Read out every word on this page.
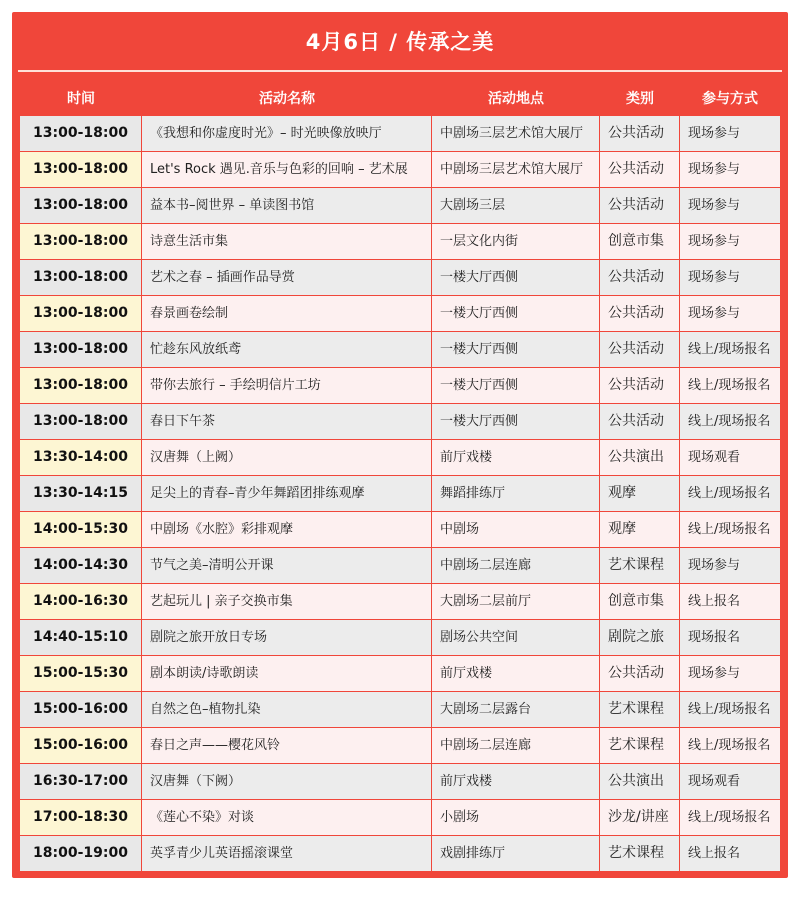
4月6日 / 传承之美
时间	活动名称	活动地点	类别	参与方式
13:00-18:00	《我想和你虚度时光》– 时光映像放映厅	中剧场三层艺术馆大展厅	公共活动	现场参与
13:00-18:00	Let's Rock 遇见.音乐与色彩的回响 – 艺术展	中剧场三层艺术馆大展厅	公共活动	现场参与
13:00-18:00	益本书–阅世界 – 单读图书馆	大剧场三层	公共活动	现场参与
13:00-18:00	诗意生活市集	一层文化内街	创意市集	现场参与
13:00-18:00	艺术之春 – 插画作品导赏	一楼大厅西侧	公共活动	现场参与
13:00-18:00	春景画卷绘制	一楼大厅西侧	公共活动	现场参与
13:00-18:00	忙趁东风放纸鸢	一楼大厅西侧	公共活动	线上/现场报名
13:00-18:00	带你去旅行 – 手绘明信片工坊	一楼大厅西侧	公共活动	线上/现场报名
13:00-18:00	春日下午茶	一楼大厅西侧	公共活动	线上/现场报名
13:30-14:00	汉唐舞（上阙）	前厅戏楼	公共演出	现场观看
13:30-14:15	足尖上的青春–青少年舞蹈团排练观摩	舞蹈排练厅	观摩	线上/现场报名
14:00-15:30	中剧场《水腔》彩排观摩	中剧场	观摩	线上/现场报名
14:00-14:30	节气之美–清明公开课	中剧场二层连廊	艺术课程	现场参与
14:00-16:30	艺起玩儿 | 亲子交换市集	大剧场二层前厅	创意市集	线上报名
14:40-15:10	剧院之旅开放日专场	剧场公共空间	剧院之旅	现场报名
15:00-15:30	剧本朗读/诗歌朗读	前厅戏楼	公共活动	现场参与
15:00-16:00	自然之色–植物扎染	大剧场二层露台	艺术课程	线上/现场报名
15:00-16:00	春日之声——樱花风铃	中剧场二层连廊	艺术课程	线上/现场报名
16:30-17:00	汉唐舞（下阙）	前厅戏楼	公共演出	现场观看
17:00-18:30	《莲心不染》对谈	小剧场	沙龙/讲座	线上/现场报名
18:00-19:00	英孚青少儿英语摇滚课堂	戏剧排练厅	艺术课程	线上报名
